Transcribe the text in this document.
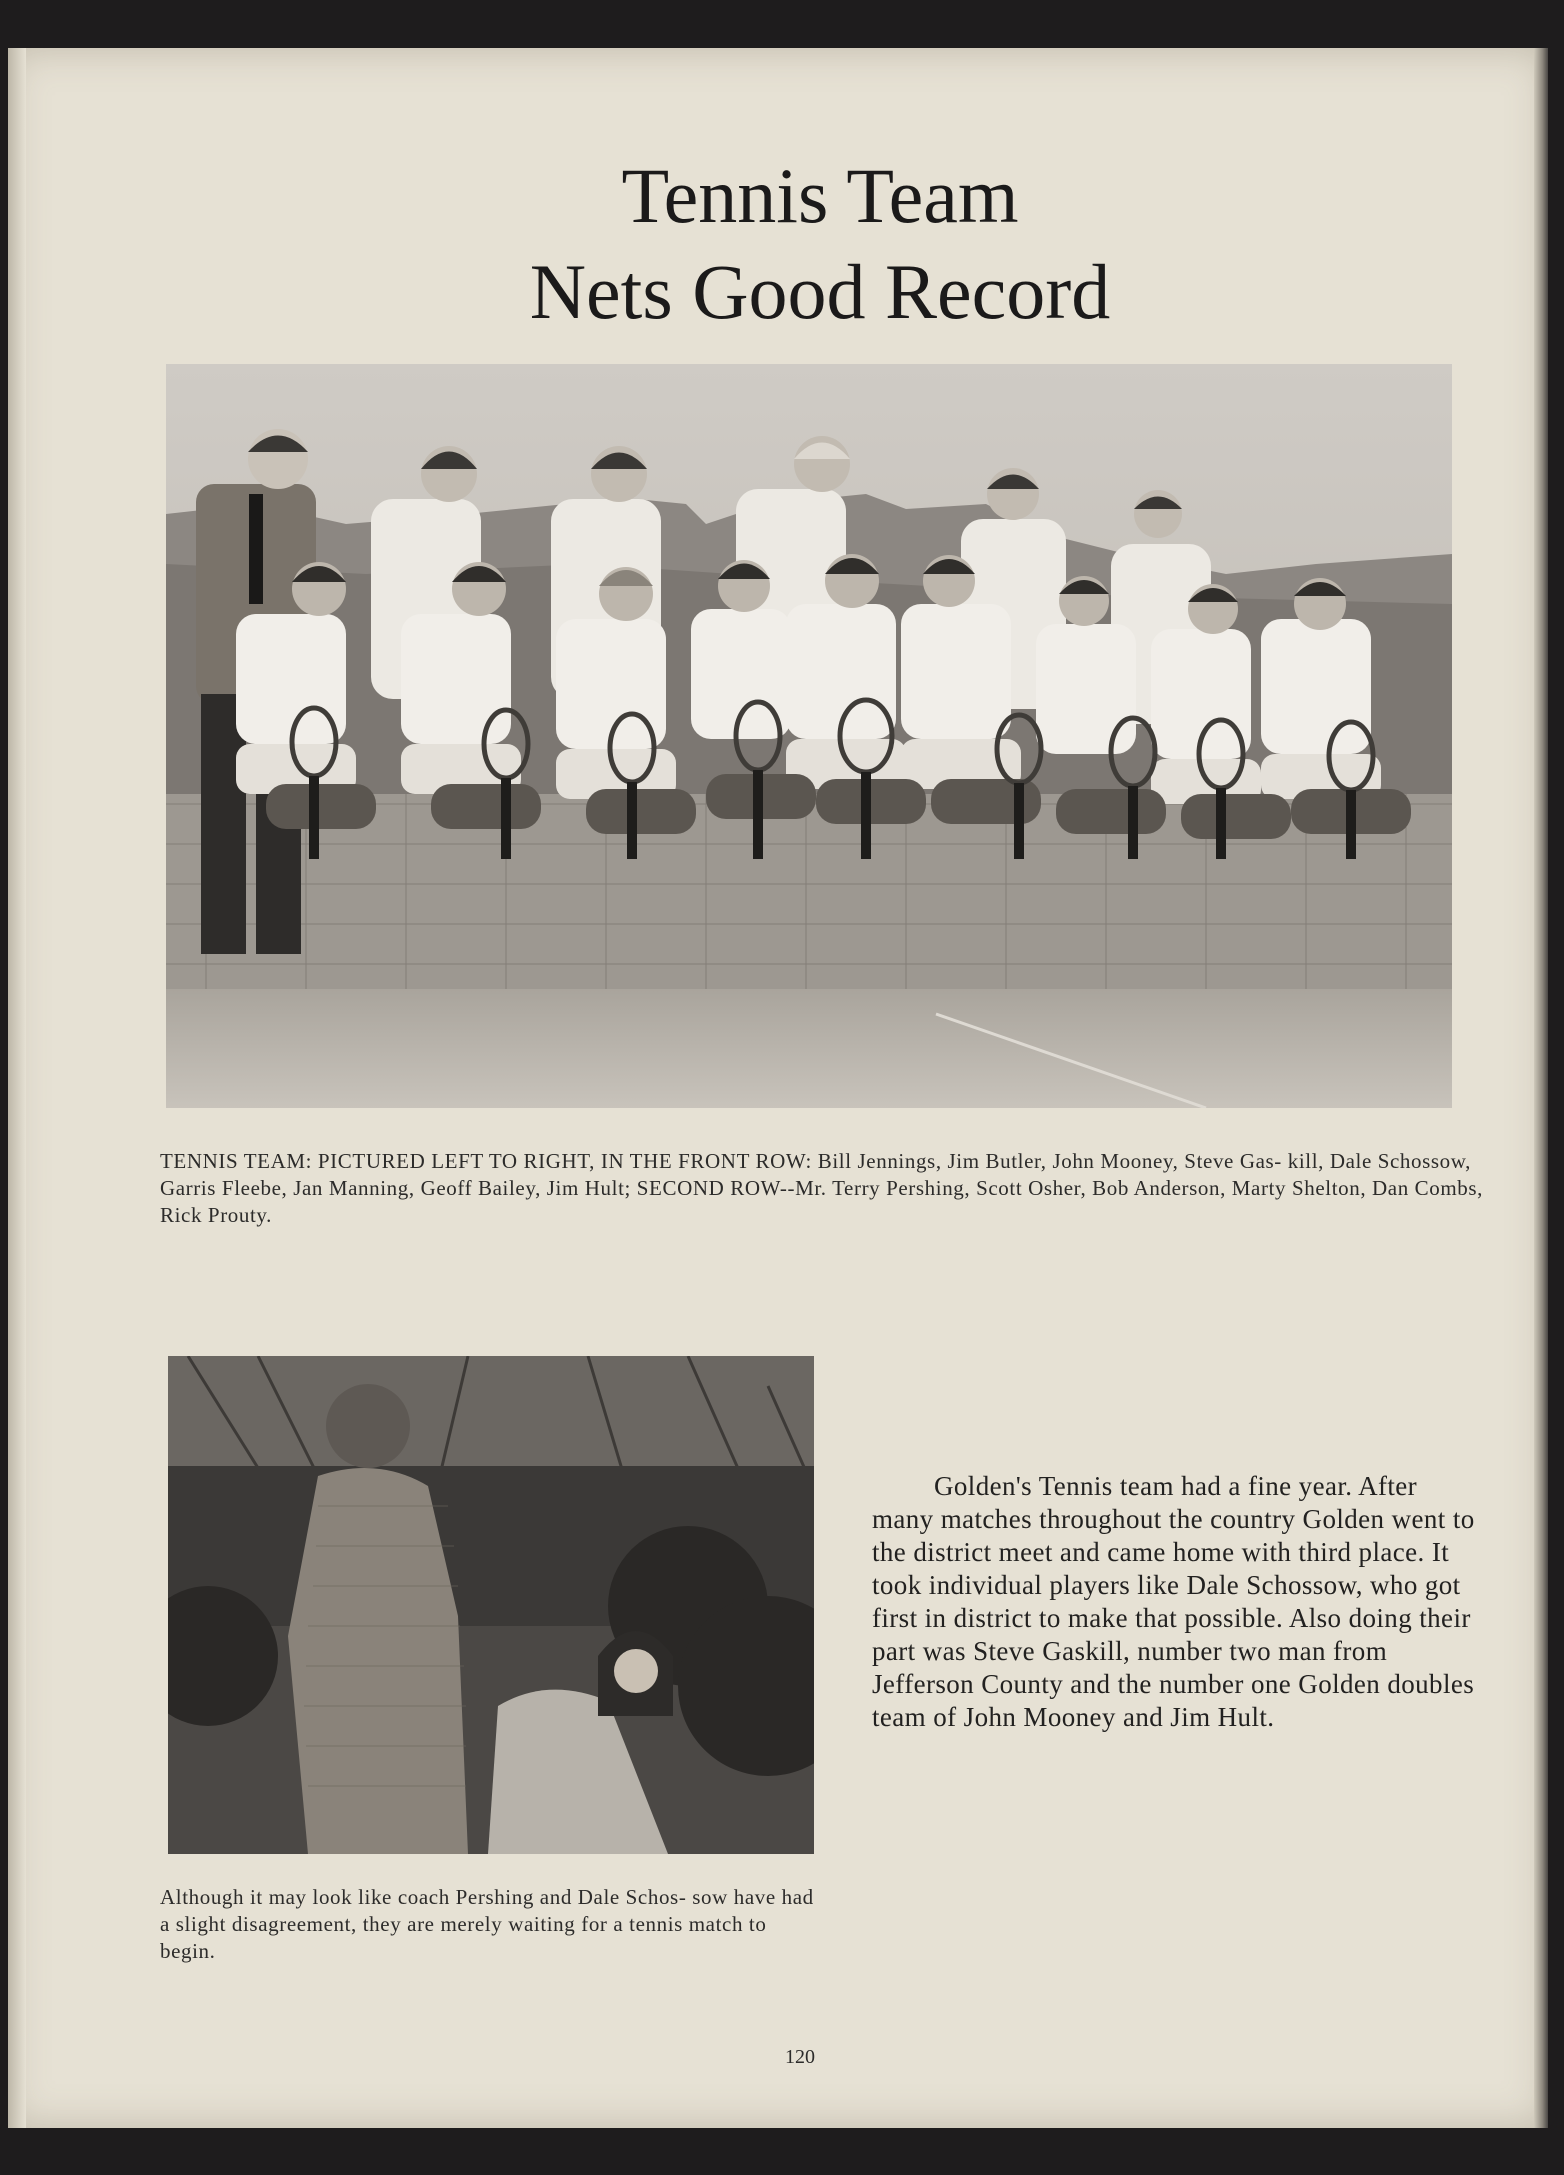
Tennis Team
Nets Good Record

TENNIS TEAM: PICTURED LEFT TO RIGHT, IN THE FRONT ROW: Bill Jennings, Jim Butler, John Mooney, Steve Gas- kill, Dale Schossow, Garris Fleebe, Jan Manning, Geoff Bailey, Jim Hult; SECOND ROW--Mr. Terry Pershing, Scott Osher, Bob Anderson, Marty Shelton, Dan Combs, Rick Prouty.

Although it may look like coach Pershing and Dale Schos- sow have had a slight disagreement, they are merely waiting for a tennis match to begin.

Golden's Tennis team had a fine year. After many matches throughout the country Golden went to the district meet and came home with third place. It took individual players like Dale Schossow, who got first in district to make that possible. Also doing their part was Steve Gaskill, number two man from Jefferson County and the number one Golden doubles team of John Mooney and Jim Hult.

120
